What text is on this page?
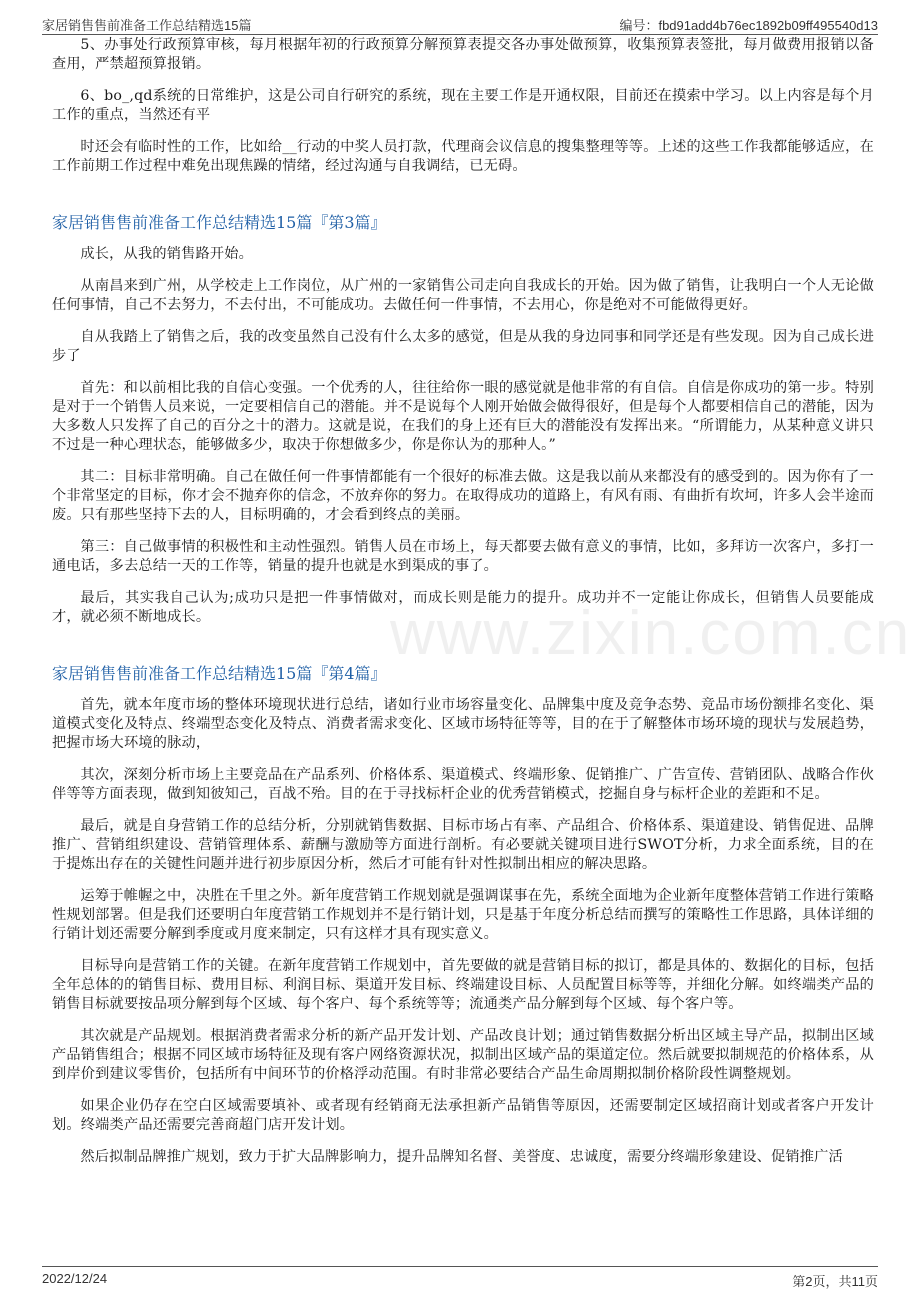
家居销售售前准备工作总结精选15篇	编号：fbd91add4b76ec1892b09ff495540d13
www.zixin.com.cn

5、办事处行政预算审核，每月根据年初的行政预算分解预算表提交各办事处做预算，收集预算表签批，每月做费用报销以备查用，严禁超预算报销。

6、bo_,qd系统的日常维护，这是公司自行研究的系统，现在主要工作是开通权限，目前还在摸索中学习。以上内容是每个月工作的重点，当然还有平

时还会有临时性的工作，比如给__行动的中奖人员打款，代理商会议信息的搜集整理等等。上述的这些工作我都能够适应，在工作前期工作过程中难免出现焦躁的情绪，经过沟通与自我调结，已无碍。

家居销售售前准备工作总结精选15篇『第3篇』

成长，从我的销售路开始。

从南昌来到广州，从学校走上工作岗位，从广州的一家销售公司走向自我成长的开始。因为做了销售，让我明白一个人无论做任何事情，自己不去努力，不去付出，不可能成功。去做任何一件事情，不去用心，你是绝对不可能做得更好。

自从我踏上了销售之后，我的改变虽然自己没有什么太多的感觉，但是从我的身边同事和同学还是有些发现。因为自己成长进步了

首先：和以前相比我的自信心变强。一个优秀的人，往往给你一眼的感觉就是他非常的有自信。自信是你成功的第一步。特别是对于一个销售人员来说，一定要相信自己的潜能。并不是说每个人刚开始做会做得很好，但是每个人都要相信自己的潜能，因为大多数人只发挥了自己的百分之十的潜力。这就是说，在我们的身上还有巨大的潜能没有发挥出来。“所谓能力，从某种意义讲只不过是一种心理状态，能够做多少，取决于你想做多少，你是你认为的那种人。”

其二：目标非常明确。自己在做任何一件事情都能有一个很好的标准去做。这是我以前从来都没有的感受到的。因为你有了一个非常坚定的目标，你才会不抛弃你的信念，不放弃你的努力。在取得成功的道路上，有风有雨、有曲折有坎坷，许多人会半途而废。只有那些坚持下去的人，目标明确的，才会看到终点的美丽。

第三：自己做事情的积极性和主动性强烈。销售人员在市场上，每天都要去做有意义的事情，比如，多拜访一次客户，多打一通电话，多去总结一天的工作等，销量的提升也就是水到渠成的事了。

最后，其实我自己认为;成功只是把一件事情做对，而成长则是能力的提升。成功并不一定能让你成长，但销售人员要能成才，就必须不断地成长。

家居销售售前准备工作总结精选15篇『第4篇』

首先，就本年度市场的整体环境现状进行总结，诸如行业市场容量变化、品牌集中度及竞争态势、竞品市场份额排名变化、渠道模式变化及特点、终端型态变化及特点、消费者需求变化、区域市场特征等等，目的在于了解整体市场环境的现状与发展趋势，把握市场大环境的脉动，

其次，深刻分析市场上主要竞品在产品系列、价格体系、渠道模式、终端形象、促销推广、广告宣传、营销团队、战略合作伙伴等等方面表现，做到知彼知己，百战不殆。目的在于寻找标杆企业的优秀营销模式，挖掘自身与标杆企业的差距和不足。

最后，就是自身营销工作的总结分析，分别就销售数据、目标市场占有率、产品组合、价格体系、渠道建设、销售促进、品牌推广、营销组织建设、营销管理体系、薪酬与激励等方面进行剖析。有必要就关键项目进行SWOT分析，力求全面系统，目的在于提炼出存在的关键性问题并进行初步原因分析，然后才可能有针对性拟制出相应的解决思路。

运筹于帷幄之中，决胜在千里之外。新年度营销工作规划就是强调谋事在先，系统全面地为企业新年度整体营销工作进行策略性规划部署。但是我们还要明白年度营销工作规划并不是行销计划，只是基于年度分析总结而撰写的策略性工作思路，具体详细的行销计划还需要分解到季度或月度来制定，只有这样才具有现实意义。

目标导向是营销工作的关键。在新年度营销工作规划中，首先要做的就是营销目标的拟订，都是具体的、数据化的目标，包括全年总体的的销售目标、费用目标、利润目标、渠道开发目标、终端建设目标、人员配置目标等等，并细化分解。如终端类产品的销售目标就要按品项分解到每个区域、每个客户、每个系统等等；流通类产品分解到每个区域、每个客户等。

其次就是产品规划。根据消费者需求分析的新产品开发计划、产品改良计划；通过销售数据分析出区域主导产品，拟制出区域产品销售组合；根据不同区域市场特征及现有客户网络资源状况，拟制出区域产品的渠道定位。然后就要拟制规范的价格体系，从到岸价到建议零售价，包括所有中间环节的价格浮动范围。有时非常必要结合产品生命周期拟制价格阶段性调整规划。

如果企业仍存在空白区域需要填补、或者现有经销商无法承担新产品销售等原因，还需要制定区域招商计划或者客户开发计划。终端类产品还需要完善商超门店开发计划。

然后拟制品牌推广规划，致力于扩大品牌影响力，提升品牌知名督、美誉度、忠诚度，需要分终端形象建设、促销推广活

2022/12/24	第2页，共11页
